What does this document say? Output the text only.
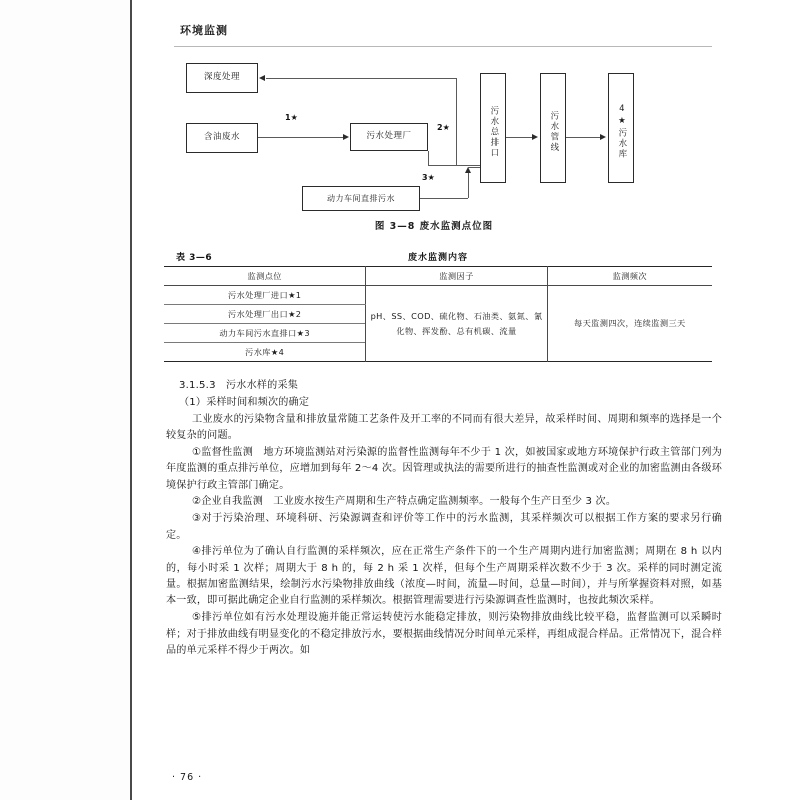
环境监测
深度处理
含油废水	污水处理厂
动力车间直排污水
污水总排口	污水管线	4★污水库
1★
2★
3★
图 3—8 废水监测点位图
表 3—6	废水监测内容
监测点位	监测因子	监测频次
污水处理厂进口★1	pH、SS、COD、硫化物、石油类、氨氮、氰化物、挥发酚、总有机碳、流量	每天监测四次，连续监测三天
污水处理厂出口★2		
动力车间污水直排口★3		
污水库★4		

3.1.5.3　污水水样的采集

（1）采样时间和频次的确定

工业废水的污染物含量和排放量常随工艺条件及开工率的不同而有很大差异，故采样时间、周期和频率的选择是一个较复杂的问题。

①监督性监测　地方环境监测站对污染源的监督性监测每年不少于 1 次，如被国家或地方环境保护行政主管部门列为年度监测的重点排污单位，应增加到每年 2～4 次。因管理或执法的需要所进行的抽查性监测或对企业的加密监测由各级环境保护行政主管部门确定。

②企业自我监测　工业废水按生产周期和生产特点确定监测频率。一般每个生产日至少 3 次。

③对于污染治理、环境科研、污染源调查和评价等工作中的污水监测，其采样频次可以根据工作方案的要求另行确定。

④排污单位为了确认自行监测的采样频次，应在正常生产条件下的一个生产周期内进行加密监测；周期在 8 h 以内的，每小时采 1 次样；周期大于 8 h 的，每 2 h 采 1 次样，但每个生产周期采样次数不少于 3 次。采样的同时测定流量。根据加密监测结果，绘制污水污染物排放曲线（浓度—时间，流量—时间，总量—时间），并与所掌握资料对照，如基本一致，即可据此确定企业自行监测的采样频次。根据管理需要进行污染源调查性监测时，也按此频次采样。

⑤排污单位如有污水处理设施并能正常运转使污水能稳定排放，则污染物排放曲线比较平稳，监督监测可以采瞬时样；对于排放曲线有明显变化的不稳定排放污水，要根据曲线情况分时间单元采样，再组成混合样品。正常情况下，混合样品的单元采样不得少于两次。如

· 76 ·
